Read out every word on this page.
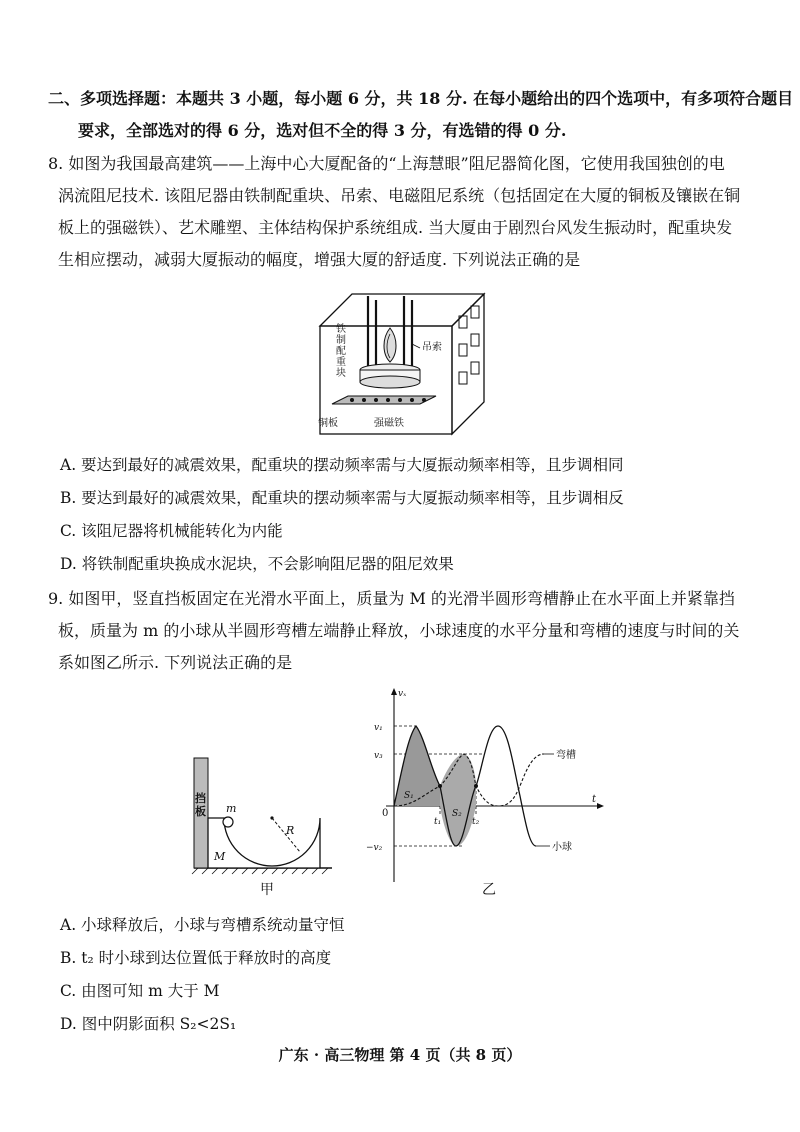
二、多项选择题：本题共 3 小题，每小题 6 分，共 18 分. 在每小题给出的四个选项中，有多项符合题目
要求，全部选对的得 6 分，选对但不全的得 3 分，有选错的得 0 分.
8. 如图为我国最高建筑——上海中心大厦配备的“上海慧眼”阻尼器简化图，它使用我国独创的电
涡流阻尼技术. 该阻尼器由铁制配重块、吊索、电磁阻尼系统（包括固定在大厦的铜板及镶嵌在铜
板上的强磁铁）、艺术雕塑、主体结构保护系统组成. 当大厦由于剧烈台风发生振动时，配重块发
生相应摆动，减弱大厦振动的幅度，增强大厦的舒适度. 下列说法正确的是
铁制配重块
吊索
铜板	强磁铁
A. 要达到最好的减震效果，配重块的摆动频率需与大厦振动频率相等，且步调相同
B. 要达到最好的减震效果，配重块的摆动频率需与大厦振动频率相等，且步调相反
C. 该阻尼器将机械能转化为内能
D. 将铁制配重块换成水泥块，不会影响阻尼器的阻尼效果
9. 如图甲，竖直挡板固定在光滑水平面上，质量为 M 的光滑半圆形弯槽静止在水平面上并紧靠挡
板，质量为 m 的小球从半圆形弯槽左端静止释放，小球速度的水平分量和弯槽的速度与时间的关
系如图乙所示. 下列说法正确的是
挡板 m
R
M
甲
vₓ
t
0
v₁
v₃
−v₂
S₁
S₂
t₁	t₂
弯槽
小球
乙
A. 小球释放后，小球与弯槽系统动量守恒
B. t₂ 时小球到达位置低于释放时的高度
C. 由图可知 m 大于 M
D. 图中阴影面积 S₂<2S₁
广东 · 高三物理 第 4 页（共 8 页）
